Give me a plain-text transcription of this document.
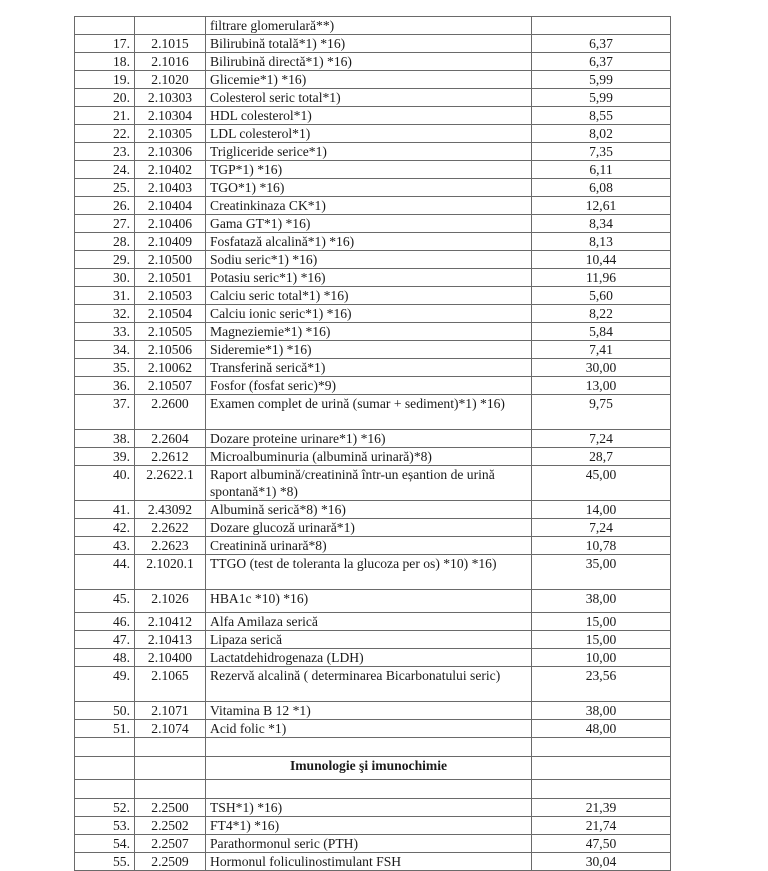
		filtrare glomerulară**)	
17.	2.1015	Bilirubină totală*1) *16)	6,37
18.	2.1016	Bilirubină directă*1) *16)	6,37
19.	2.1020	Glicemie*1) *16)	5,99
20.	2.10303	Colesterol seric total*1)	5,99
21.	2.10304	HDL colesterol*1)	8,55
22.	2.10305	LDL colesterol*1)	8,02
23.	2.10306	Trigliceride serice*1)	7,35
24.	2.10402	TGP*1) *16)	6,11
25.	2.10403	TGO*1) *16)	6,08
26.	2.10404	Creatinkinaza CK*1)	12,61
27.	2.10406	Gama GT*1) *16)	8,34
28.	2.10409	Fosfatază alcalină*1) *16)	8,13
29.	2.10500	Sodiu seric*1) *16)	10,44
30.	2.10501	Potasiu seric*1) *16)	11,96
31.	2.10503	Calciu seric total*1) *16)	5,60
32.	2.10504	Calciu ionic seric*1) *16)	8,22
33.	2.10505	Magneziemie*1) *16)	5,84
34.	2.10506	Sideremie*1) *16)	7,41
35.	2.10062	Transferină serică*1)	30,00
36.	2.10507	Fosfor (fosfat seric)*9)	13,00
37.	2.2600	Examen complet de urină (sumar + sediment)*1) *16)	9,75
38.	2.2604	Dozare proteine urinare*1) *16)	7,24
39.	2.2612	Microalbuminuria (albumină urinară)*8)	28,7
40.	2.2622.1	Raport albumină/creatinină într-un eșantion de urină spontană*1) *8)	45,00
41.	2.43092	Albumină serică*8) *16)	14,00
42.	2.2622	Dozare glucoză urinară*1)	7,24
43.	2.2623	Creatinină urinară*8)	10,78
44.	2.1020.1	TTGO (test de toleranta la glucoza per os) *10) *16)	35,00
45.	2.1026	HBA1c *10) *16)	38,00
46.	2.10412	Alfa Amilaza serică	15,00
47.	2.10413	Lipaza serică	15,00
48.	2.10400	Lactatdehidrogenaza (LDH)	10,00
49.	2.1065	Rezervă alcalină ( determinarea Bicarbonatului seric)	23,56
50.	2.1071	Vitamina B 12 *1)	38,00
51.	2.1074	Acid folic *1)	48,00

		Imunologie şi imunochimie	

52.	2.2500	TSH*1) *16)	21,39
53.	2.2502	FT4*1) *16)	21,74
54.	2.2507	Parathormonul seric (PTH)	47,50
55.	2.2509	Hormonul foliculinostimulant FSH	30,04
